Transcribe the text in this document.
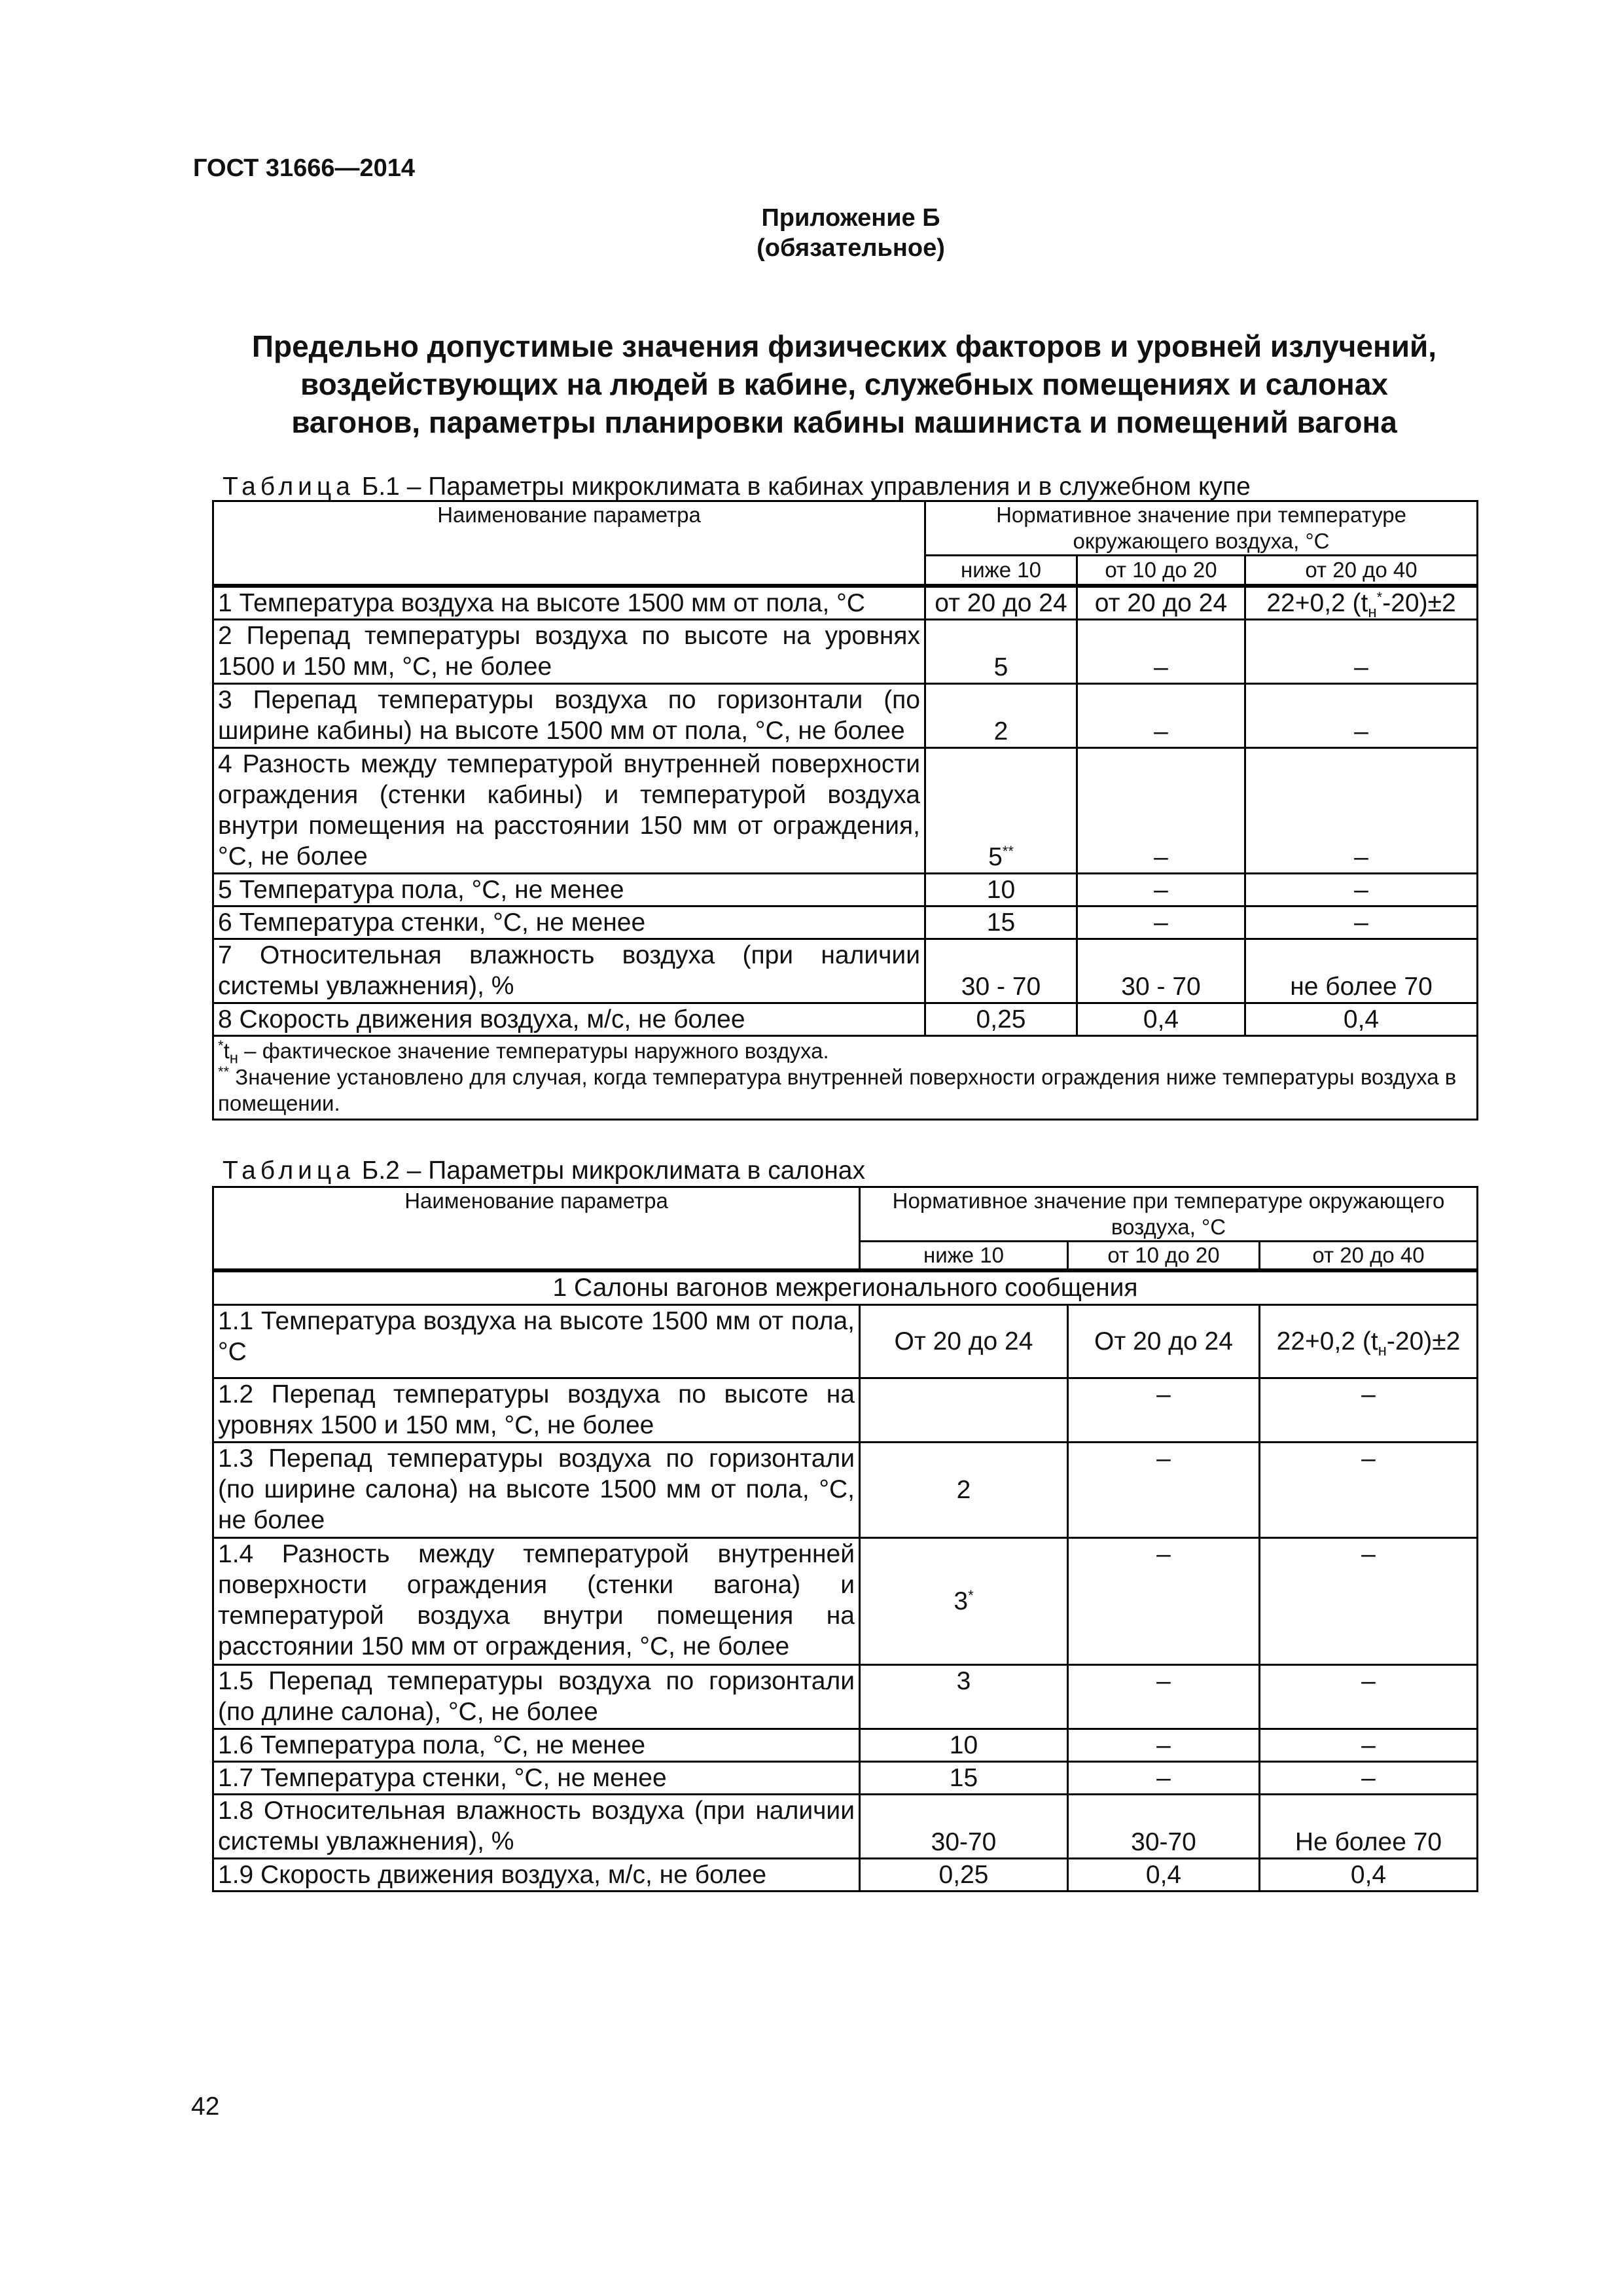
ГОСТ 31666—2014
Приложение Б
(обязательное)
Предельно допустимые значения физических факторов и уровней излучений,
воздействующих на людей в кабине, служебных помещениях и салонах
вагонов, параметры планировки кабины машиниста и помещений вагона
Таблица Б.1 – Параметры микроклимата в кабинах управления и в служебном купе
Наименование параметра	Нормативное значение при температуре окружающего воздуха, °С		
	ниже 10	от 10 до 20	от 20 до 40
1 Температура воздуха на высоте 1500 мм от пола, °С	от 20 до 24	от 20 до 24	22+0,2 $(t_н^*-20)\pm 2$
2 Перепад температуры воздуха по высоте на уровнях 1500 и 150 мм, °С, не более	5	–	–
3 Перепад температуры воздуха по горизонтали (по ширине кабины) на высоте 1500 мм от пола, °С, не более	2	–	–
4 Разность между температурой внутренней поверхности ограждения (стенки кабины) и температурой воздуха внутри помещения на расстоянии 150 мм от ограждения, °С, не более	5**	–	–
5 Температура пола, °С, не менее	10	–	–
6 Температура стенки, °С, не менее	15	–	–
7 Относительная влажность воздуха (при наличии системы увлажнения), %	30 - 70	30 - 70	не более 70
8 Скорость движения воздуха, м/с, не более	0,25	0,4	0,4

$^*t_н$ – фактическое значение температуры наружного воздуха.
** Значение установлено для случая, когда температура внутренней поверхности ограждения ниже температуры воздуха в помещении.			
Таблица Б.2 – Параметры микроклимата в салонах
Наименование параметра	Нормативное значение при температуре окружающего воздуха, °С		
	ниже 10	от 10 до 20	от 20 до 40
1 Салоны вагонов межрегионального сообщения			
1.1 Температура воздуха на высоте 1500 мм от пола, °С	От 20 до 24	От 20 до 24	22+0,2 $(t_н-20)\pm 2$
1.2 Перепад температуры воздуха по высоте на уровнях 1500 и 150 мм, °С, не более		–	–
1.3 Перепад температуры воздуха по горизонтали (по ширине салона) на высоте 1500 мм от пола, °С, не более	2	–	–
1.4 Разность между температурой внутренней поверхности ограждения (стенки вагона) и температурой воздуха внутри помещения на расстоянии 150 мм от ограждения, °С, не более	3*	–	–
1.5 Перепад температуры воздуха по горизонтали (по длине салона), °С, не более	3	–	–
1.6 Температура пола, °С, не менее	10	–	–
1.7 Температура стенки, °С, не менее	15	–	–
1.8 Относительная влажность воздуха (при наличии системы увлажнения), %	30-70	30-70	Не более 70
1.9 Скорость движения воздуха, м/с, не более	0,25	0,4	0,4
42
